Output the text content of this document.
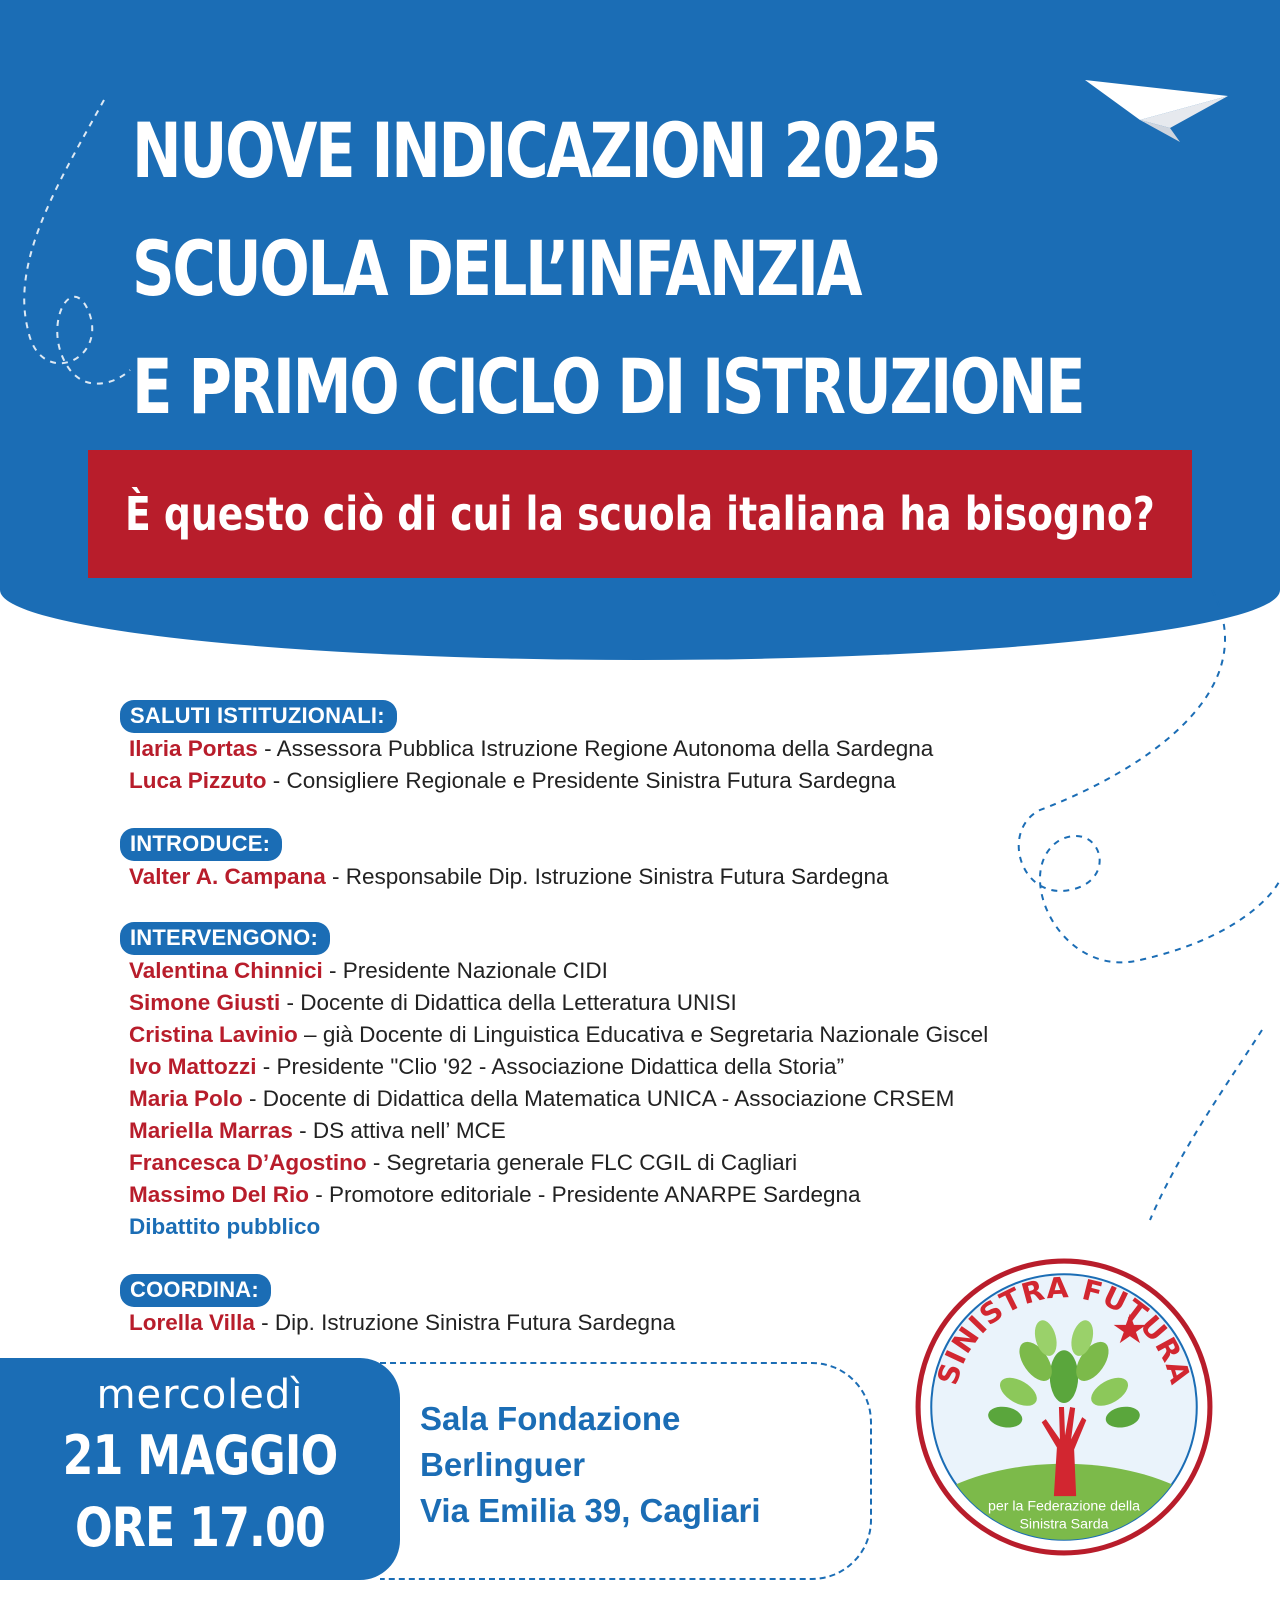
NUOVE INDICAZIONI 2025
SCUOLA DELL’INFANZIA
E PRIMO CICLO DI ISTRUZIONE
È questo ciò di cui la scuola italiana ha bisogno?
SALUTI ISTITUZIONALI:
Ilaria Portas - Assessora Pubblica Istruzione Regione Autonoma della Sardegna
Luca Pizzuto - Consigliere Regionale e Presidente Sinistra Futura Sardegna
INTRODUCE:
Valter A. Campana - Responsabile Dip. Istruzione Sinistra Futura Sardegna
INTERVENGONO:
Valentina Chinnici - Presidente Nazionale CIDI
Simone Giusti - Docente di Didattica della Letteratura UNISI
Cristina Lavinio – già Docente di Linguistica Educativa e Segretaria Nazionale Giscel
Ivo Mattozzi - Presidente "Clio '92 - Associazione Didattica della Storia”
Maria Polo - Docente di Didattica della Matematica UNICA - Associazione CRSEM
Mariella Marras - DS attiva nell’ MCE
Francesca D’Agostino - Segretaria generale FLC CGIL di Cagliari
Massimo Del Rio - Promotore editoriale - Presidente ANARPE Sardegna
Dibattito pubblico
COORDINA:
Lorella Villa - Dip. Istruzione Sinistra Futura Sardegna
mercoledì
21 MAGGIO
ORE 17.00
Sala Fondazione
Berlinguer
Via Emilia 39, Cagliari
SINISTRA FUTURA
per la Federazione della
Sinistra Sarda
